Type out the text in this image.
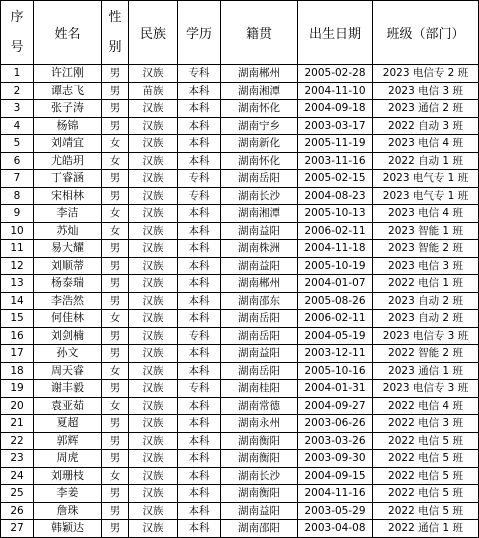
序
号	姓名	性
别	民族	学历	籍贯	出生日期	班级（部门）
1	许江刚	男	汉族	专科	湖南郴州	2005-02-28	2023 电信专 2 班
2	谭志飞	男	苗族	本科	湖南湘潭	2004-11-10	2023 电信 3 班
3	张子涛	男	汉族	本科	湖南怀化	2004-09-18	2023 通信 2 班
4	杨锦	男	汉族	本科	湖南宁乡	2003-03-17	2022 自动 3 班
5	刘靖宜	女	汉族	本科	湖南新化	2005-11-19	2023 电信 4 班
6	尤皓玥	女	汉族	本科	湖南怀化	2003-11-16	2022 自动 1 班
7	丁睿涵	男	汉族	专科	湖南岳阳	2005-02-15	2023 电气专 1 班
8	宋相林	男	汉族	专科	湖南长沙	2004-08-23	2023 电气专 1 班
9	李洁	女	汉族	本科	湖南湘潭	2005-10-13	2023 电信 4 班
10	苏灿	女	汉族	本科	湖南益阳	2006-02-11	2023 智能 1 班
11	易大耀	男	汉族	本科	湖南株洲	2004-11-18	2023 智能 2 班
12	刘顺蒂	男	汉族	本科	湖南益阳	2005-10-19	2023 电信 3 班
13	杨泰瑞	男	汉族	本科	湖南郴州	2004-01-07	2022 电信 1 班
14	李浩然	男	汉族	本科	湖南邵东	2005-08-26	2023 自动 2 班
15	何佳林	女	汉族	本科	湖南岳阳	2006-02-11	2023 自动 2 班
16	刘剑楠	男	汉族	专科	湖南岳阳	2004-05-19	2023 电信专 3 班
17	孙文	男	汉族	本科	湖南益阳	2003-12-11	2022 智能 2 班
18	周天睿	女	汉族	本科	湖南岳阳	2005-10-16	2023 通信 1 班
19	谢丰毅	男	汉族	专科	湖南桂阳	2004-01-31	2023 电信专 3 班
20	袁亚茹	女	汉族	本科	湖南常德	2004-09-27	2022 电信 4 班
21	夏超	男	汉族	本科	湖南永州	2003-06-26	2022 电信 3 班
22	郭辉	男	汉族	本科	湖南衡阳	2003-03-26	2022 电信 5 班
23	周虎	男	汉族	本科	湖南衡阳	2003-09-30	2022 电信 5 班
24	刘珊枝	女	汉族	本科	湖南长沙	2004-09-15	2022 电信 5 班
25	李姜	男	汉族	本科	湖南衡阳	2004-11-16	2022 电信 5 班
26	詹珠	男	汉族	本科	湖南益阳	2003-05-29	2022 电信 5 班
27	韩颖达	男	汉族	本科	湖南邵阳	2003-04-08	2022 通信 1 班
